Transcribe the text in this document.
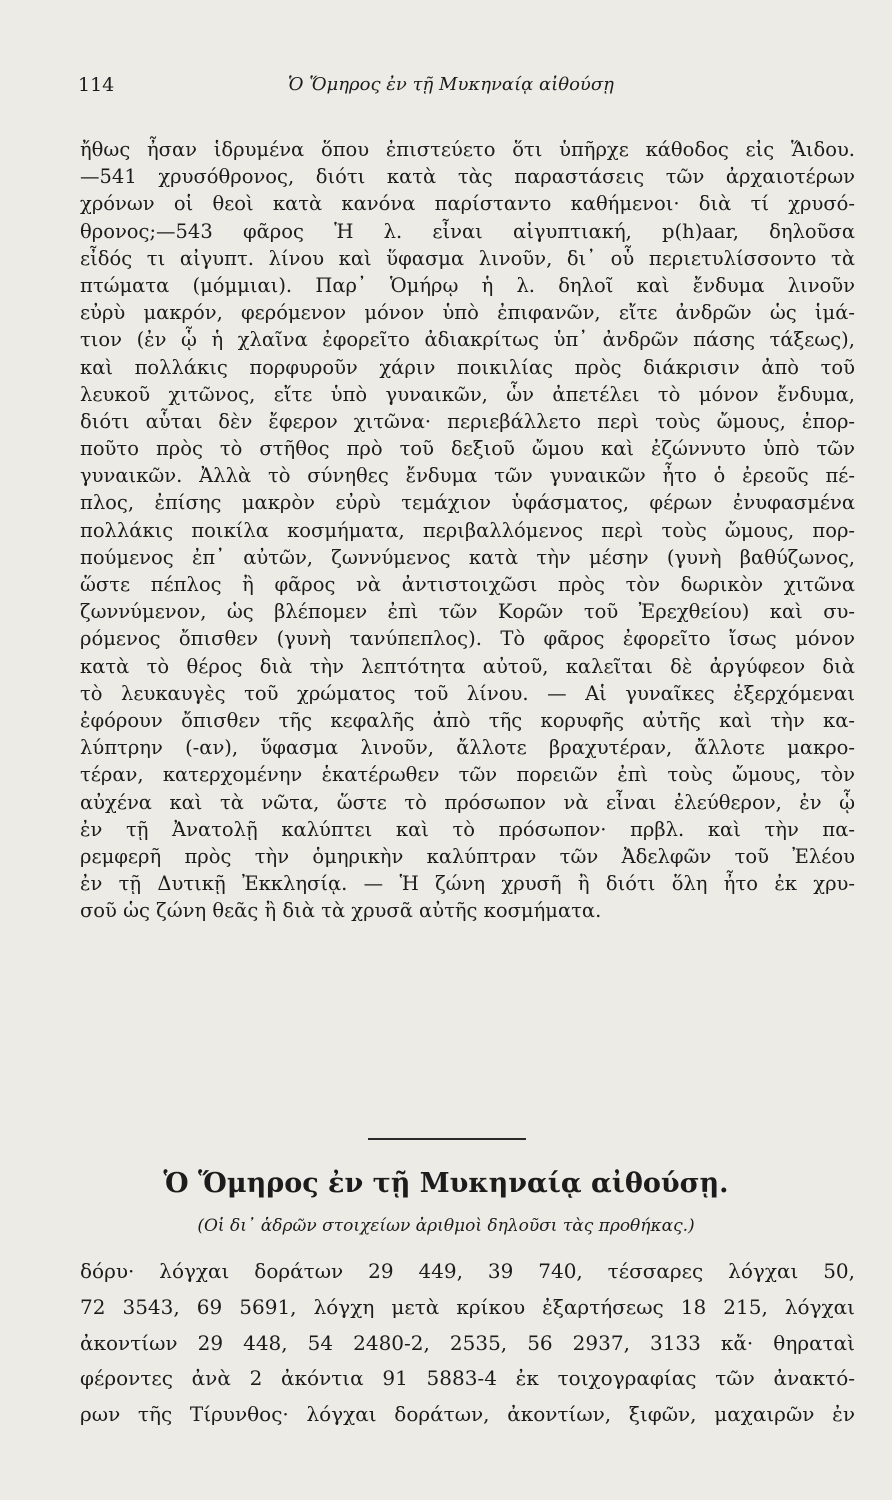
114	Ὁ Ὅμηρος ἐν τῇ Μυκηναίᾳ αἰθούσῃ
ἤθως ἦσαν ἱδρυμένα ὅπου ἐπιστεύετο ὅτι ὑπῆρχε κάθοδος εἰς Ἅιδου.
—541 χρυσόθρονος, διότι κατὰ τὰς παραστάσεις τῶν ἀρχαιοτέρων
χρόνων οἱ θεοὶ κατὰ κανόνα παρίσταντο καθήμενοι· διὰ τί χρυσό-
θρονος;—543 φᾶρος Ἡ λ. εἶναι αἰγυπτιακή, p(h)aar, δηλοῦσα
εἶδός τι αἰγυπτ. λίνου καὶ ὕφασμα λινοῦν, δι᾿ οὗ περιετυλίσσοντο τὰ
πτώματα (μόμμιαι). Παρ᾿ Ὁμήρῳ ἡ λ. δηλοῖ καὶ ἔνδυμα λινοῦν
εὐρὺ μακρόν, φερόμενον μόνον ὑπὸ ἐπιφανῶν, εἴτε ἀνδρῶν ὡς ἱμά-
τιον (ἐν ᾧ ἡ χλαῖνα ἐφορεῖτο ἀδιακρίτως ὑπ᾿ ἀνδρῶν πάσης τάξεως),
καὶ πολλάκις πορφυροῦν χάριν ποικιλίας πρὸς διάκρισιν ἀπὸ τοῦ
λευκοῦ χιτῶνος, εἴτε ὑπὸ γυναικῶν, ὧν ἀπετέλει τὸ μόνον ἔνδυμα,
διότι αὗται δὲν ἔφερον χιτῶνα· περιεβάλλετο περὶ τοὺς ὤμους, ἐπορ-
ποῦτο πρὸς τὸ στῆθος πρὸ τοῦ δεξιοῦ ὤμου καὶ ἐζώννυτο ὑπὸ τῶν
γυναικῶν. Ἀλλὰ τὸ σύνηθες ἔνδυμα τῶν γυναικῶν ἦτο ὁ ἐρεοῦς πέ-
πλος, ἐπίσης μακρὸν εὐρὺ τεμάχιον ὑφάσματος, φέρων ἐνυφασμένα
πολλάκις ποικίλα κοσμήματα, περιβαλλόμενος περὶ τοὺς ὤμους, πορ-
πούμενος ἐπ᾿ αὐτῶν, ζωννύμενος κατὰ τὴν μέσην (γυνὴ βαθύζωνος,
ὥστε πέπλος ἢ φᾶρος νὰ ἀντιστοιχῶσι πρὸς τὸν δωρικὸν χιτῶνα
ζωννύμενον, ὡς βλέπομεν ἐπὶ τῶν Κορῶν τοῦ Ἐρεχθείου) καὶ συ-
ρόμενος ὄπισθεν (γυνὴ τανύπεπλος). Τὸ φᾶρος ἐφορεῖτο ἴσως μόνον
κατὰ τὸ θέρος διὰ τὴν λεπτότητα αὐτοῦ, καλεῖται δὲ ἀργύφεον διὰ
τὸ λευκαυγὲς τοῦ χρώματος τοῦ λίνου. — Αἱ γυναῖκες ἐξερχόμεναι
ἐφόρουν ὄπισθεν τῆς κεφαλῆς ἀπὸ τῆς κορυφῆς αὐτῆς καὶ τὴν κα-
λύπτρην (-αν), ὕφασμα λινοῦν, ἄλλοτε βραχυτέραν, ἄλλοτε μακρο-
τέραν, κατερχομένην ἑκατέρωθεν τῶν πορειῶν ἐπὶ τοὺς ὤμους, τὸν
αὐχένα καὶ τὰ νῶτα, ὥστε τὸ πρόσωπον νὰ εἶναι ἐλεύθερον, ἐν ᾧ
ἐν τῇ Ἀνατολῇ καλύπτει καὶ τὸ πρόσωπον· πρβλ. καὶ τὴν πα-
ρεμφερῆ πρὸς τὴν ὁμηρικὴν καλύπτραν τῶν Ἀδελφῶν τοῦ Ἐλέου
ἐν τῇ Δυτικῇ Ἐκκλησίᾳ. — Ἡ ζώνη χρυσῆ ἢ διότι ὅλη ἦτο ἐκ χρυ-
σοῦ ὡς ζώνη θεᾶς ἢ διὰ τὰ χρυσᾶ αὐτῆς κοσμήματα.
Ὁ Ὅμηρος ἐν τῇ Μυκηναίᾳ αἰθούσῃ.
(Οἱ δι᾿ ἁδρῶν στοιχείων ἀριθμοὶ δηλοῦσι τὰς προθήκας.)
δόρυ· λόγχαι δοράτων 29 449, 39 740, τέσσαρες λόγχαι 50,
72 3543, 69 5691, λόγχη μετὰ κρίκου ἐξαρτήσεως 18 215, λόγχαι
ἀκοντίων 29 448, 54 2480-2, 2535, 56 2937, 3133 κἄ· θηραταὶ
φέροντες ἀνὰ 2 ἀκόντια 91 5883-4 ἐκ τοιχογραφίας τῶν ἀνακτό-
ρων τῆς Τίρυνθος· λόγχαι δοράτων, ἀκοντίων, ξιφῶν, μαχαιρῶν ἐν
